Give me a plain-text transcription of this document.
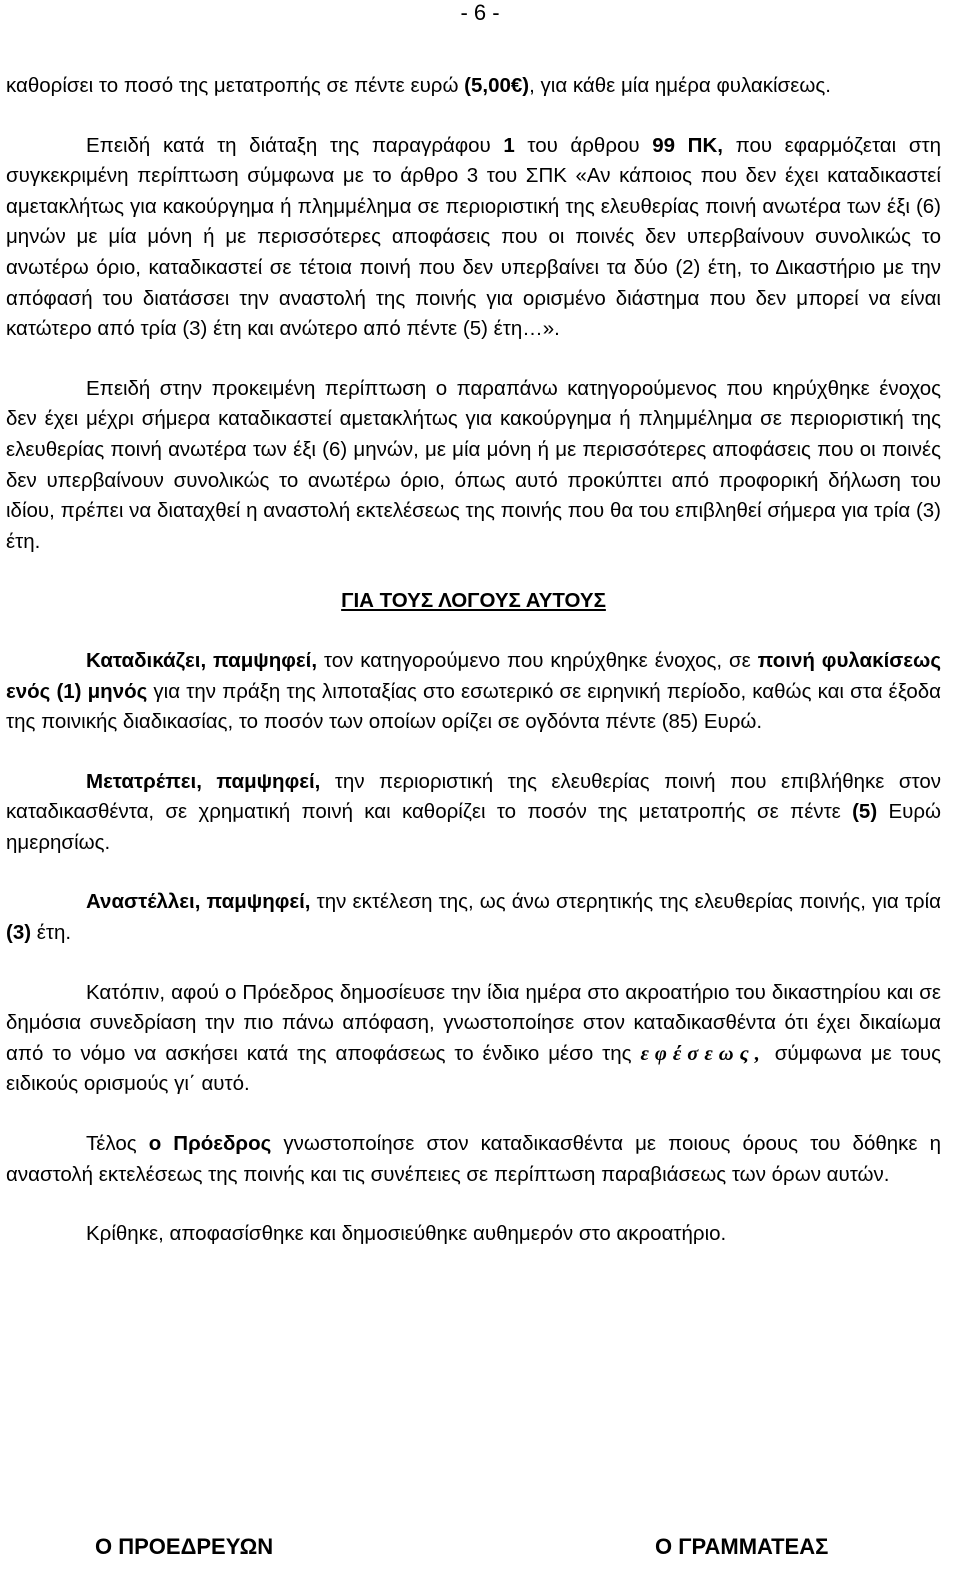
- 6 -

καθορίσει το ποσό της μετατροπής σε πέντε ευρώ (5,00€), για κάθε μία ημέρα φυλακίσεως.

Επειδή κατά τη διάταξη της παραγράφου 1 του άρθρου 99 ΠΚ, που εφαρμόζεται στη συγκεκριμένη περίπτωση σύμφωνα με το άρθρο 3 του ΣΠΚ «Αν κάποιος που δεν έχει καταδικαστεί αμετακλήτως για κακούργημα ή πλημμέλημα σε περιοριστική της ελευθερίας ποινή ανωτέρα των έξι (6) μηνών με μία μόνη ή με περισσότερες αποφάσεις που οι ποινές δεν υπερβαίνουν συνολικώς το ανωτέρω όριο, καταδικαστεί σε τέτοια ποινή που δεν υπερβαίνει τα δύο (2) έτη, το Δικαστήριο με την απόφασή του διατάσσει την αναστολή της ποινής για ορισμένο διάστημα που δεν μπορεί να είναι κατώτερο από τρία (3) έτη και ανώτερο από πέντε (5) έτη…».

Επειδή στην προκειμένη περίπτωση ο παραπάνω κατηγορούμενος που κηρύχθηκε ένοχος δεν έχει μέχρι σήμερα καταδικαστεί αμετακλήτως για κακούργημα ή πλημμέλημα σε περιοριστική της ελευθερίας ποινή ανωτέρα των έξι (6) μηνών, με μία μόνη ή με περισσότερες αποφάσεις που οι ποινές δεν υπερβαίνουν συνολικώς το ανωτέρω όριο, όπως αυτό προκύπτει από προφορική δήλωση του ιδίου, πρέπει να διαταχθεί η αναστολή εκτελέσεως της ποινής που θα του επιβληθεί σήμερα για τρία (3) έτη.

ΓΙΑ ΤΟΥΣ ΛΟΓΟΥΣ ΑΥΤΟΥΣ

Καταδικάζει, παμψηφεί, τον κατηγορούμενο που κηρύχθηκε ένοχος, σε ποινή φυλακίσεως ενός (1) μηνός για την πράξη της λιποταξίας στο εσωτερικό σε ειρηνική περίοδο, καθώς και στα έξοδα της ποινικής διαδικασίας, το ποσόν των οποίων ορίζει σε ογδόντα πέντε (85) Ευρώ.

Μετατρέπει, παμψηφεί, την περιοριστική της ελευθερίας ποινή που επιβλήθηκε στον καταδικασθέντα, σε χρηματική ποινή και καθορίζει το ποσόν της μετατροπής σε πέντε (5) Ευρώ ημερησίως.

Αναστέλλει, παμψηφεί, την εκτέλεση της, ως άνω στερητικής της ελευθερίας ποινής, για τρία (3) έτη.

Κατόπιν, αφού ο Πρόεδρος δημοσίευσε την ίδια ημέρα στο ακροατήριο του δικαστηρίου και σε δημόσια συνεδρίαση την πιο πάνω απόφαση, γνωστοποίησε στον καταδικασθέντα ότι έχει δικαίωμα από το νόμο να ασκήσει κατά της αποφάσεως το ένδικο μέσο της εφέσεως, σύμφωνα με τους ειδικούς ορισμούς γι΄ αυτό.

Τέλος ο Πρόεδρος γνωστοποίησε στον καταδικασθέντα με ποιους όρους του δόθηκε η αναστολή εκτελέσεως της ποινής και τις συνέπειες σε περίπτωση παραβιάσεως των όρων αυτών.

Κρίθηκε, αποφασίσθηκε και δημοσιεύθηκε αυθημερόν στο ακροατήριο.

Ο ΠΡΟΕΔΡΕΥΩΝ	Ο ΓΡΑΜΜΑΤΕΑΣ
